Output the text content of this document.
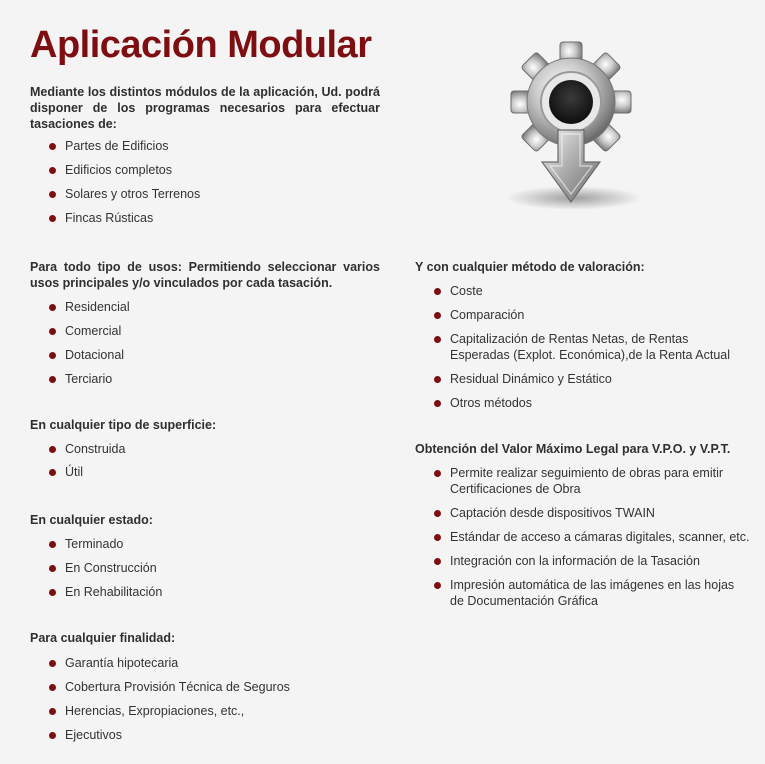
Aplicación Modular

Mediante los distintos módulos de la aplicación, Ud. podrá disponer de los programas necesarios para efectuar tasaciones de:

Partes de Edificios
Edificios completos
Solares y otros Terrenos
Fincas Rústicas
Para todo tipo de usos: Permitiendo seleccionar varios usos principales y/o vinculados por cada tasación.
Residencial
Comercial
Dotacional
Terciario
En cualquier tipo de superficie:
Construida
Útil
En cualquier estado:
Terminado
En Construcción
En Rehabilitación
Para cualquier finalidad:
Garantía hipotecaria
Cobertura Provisión Técnica de Seguros
Herencias, Expropiaciones, etc.,
Ejecutivos
Y con cualquier método de valoración:
Coste
Comparación
Capitalización de Rentas Netas, de Rentas Esperadas (Explot. Económica),de la Renta Actual
Residual Dinámico y Estático
Otros métodos
Obtención del Valor Máximo Legal para V.P.O. y V.P.T.
Permite realizar seguimiento de obras para emitir Certificaciones de Obra
Captación desde dispositivos TWAIN
Estándar de acceso a cámaras digitales, scanner, etc.
Integración con la información de la Tasación
Impresión automática de las imágenes en las hojas de Documentación Gráfica
